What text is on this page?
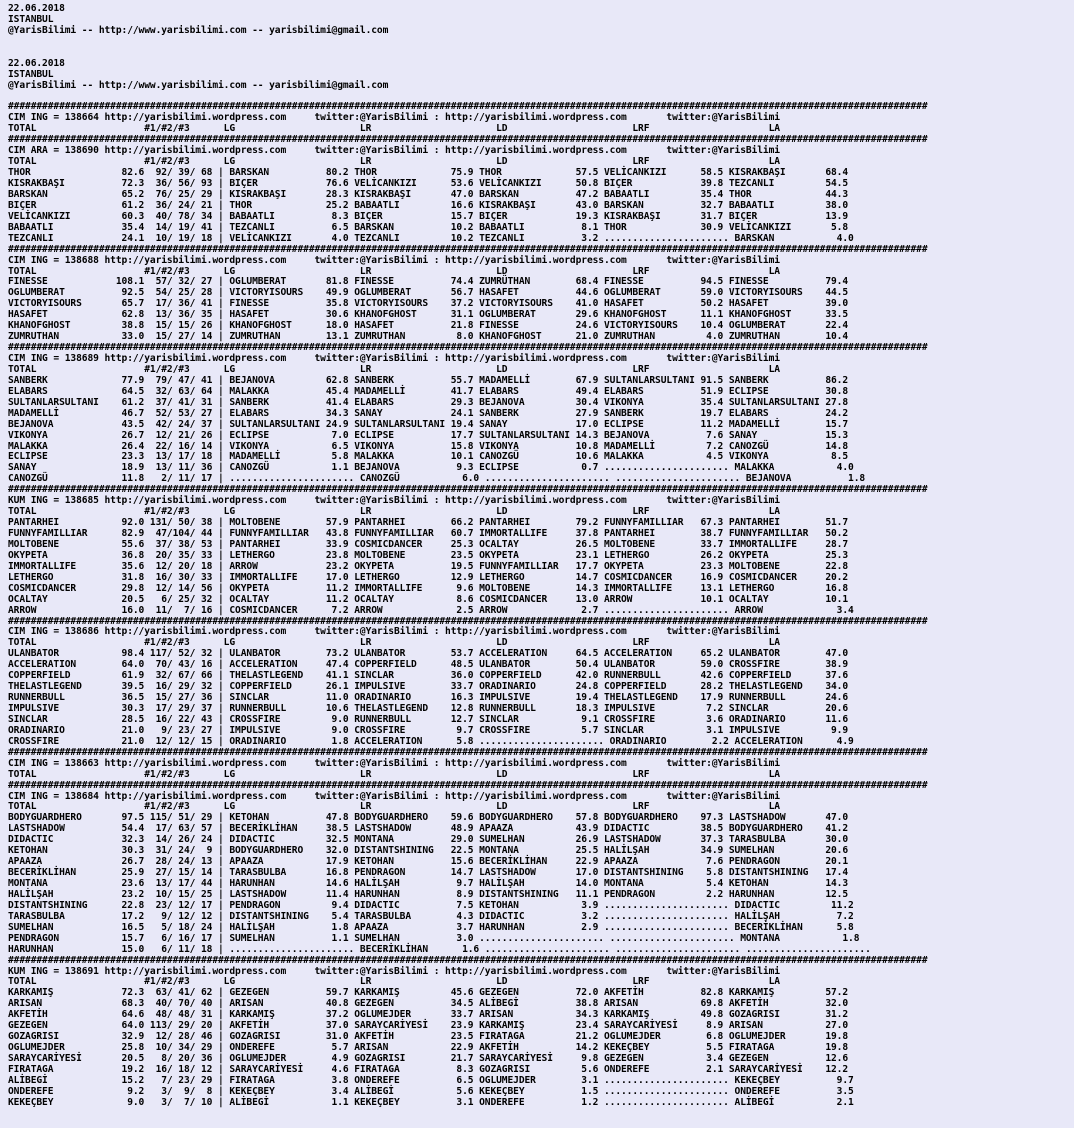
22.06.2018
ISTANBUL
@YarisBilimi -- http://www.yarisbilimi.com -- yarisbilimi@gmail.com
22.06.2018
ISTANBUL
@YarisBilimi -- http://www.yarisbilimi.com -- yarisbilimi@gmail.com
##################################################################################################################################################################
CIM ING = 138664 http://yarisbilimi.wordpress.com     twitter:@YarisBilimi : http://yarisbilimi.wordpress.com       twitter:@YarisBilimi
TOTAL                   #1/#2/#3      LG                      LR                      LD                      LRF                     LA
##################################################################################################################################################################
CIM ARA = 138690 http://yarisbilimi.wordpress.com     twitter:@YarisBilimi : http://yarisbilimi.wordpress.com       twitter:@YarisBilimi
TOTAL                   #1/#2/#3      LG                      LR                      LD                      LRF                     LA
THOR                82.6  92/ 39/ 68 | BARSKAN          80.2 THOR             75.9 THOR             57.5 VELİCANKIZI      58.5 KISRAKBAŞI       68.4
KISRAKBAŞI          72.3  36/ 56/ 93 | BIÇER            76.6 VELİCANKIZI      53.6 VELİCANKIZI      50.8 BIÇER            39.8 TEZCANLI         54.5
BARSKAN             65.2  76/ 25/ 29 | KISRAKBAŞI       28.3 KISRAKBAŞI       47.0 BARSKAN          47.2 BABAATLI         35.4 THOR             44.3
BIÇER               61.2  36/ 24/ 21 | THOR             25.2 BABAATLI         16.6 KISRAKBAŞI       43.0 BARSKAN          32.7 BABAATLI         38.0
VELİCANKIZI         60.3  40/ 78/ 34 | BABAATLI          8.3 BIÇER            15.7 BIÇER            19.3 KISRAKBAŞI       31.7 BIÇER            13.9
BABAATLI            35.4  14/ 19/ 41 | TEZCANLI          6.5 BARSKAN          10.2 BABAATLI          8.1 THOR             30.9 VELİCANKIZI       5.8
TEZCANLI            24.1  10/ 19/ 18 | VELİCANKIZI       4.0 TEZCANLI         10.2 TEZCANLI          3.2 ...................... BARSKAN           4.0
##################################################################################################################################################################
CIM ING = 138688 http://yarisbilimi.wordpress.com     twitter:@YarisBilimi : http://yarisbilimi.wordpress.com       twitter:@YarisBilimi
TOTAL                   #1/#2/#3      LG                      LR                      LD                      LRF                     LA
FINESSE            108.1  57/ 32/ 27 | OGLUMBERAT       81.8 FINESSE          74.4 ZUMRÜTHAN        68.4 FINESSE          94.5 FINESSE          79.4
OGLUMBERAT          92.5  54/ 25/ 28 | VICTORYISOURS    49.9 OGLUMBERAT       56.7 HASAFET          44.6 OGLUMBERAT       59.0 VICTORYISOURS    44.5
VICTORYISOURS       65.7  17/ 36/ 41 | FINESSE          35.8 VICTORYISOURS    37.2 VICTORYISOURS    41.0 HASAFET          50.2 HASAFET          39.0
HASAFET             62.8  13/ 36/ 35 | HASAFET          30.6 KHANOFGHOST      31.1 OGLUMBERAT       29.6 KHANOFGHOST      11.1 KHANOFGHOST      33.5
KHANOFGHOST         38.8  15/ 15/ 26 | KHANOFGHOST      18.0 HASAFET          21.8 FINESSE          24.6 VICTORYISOURS    10.4 OGLUMBERAT       22.4
ZUMRUTHAN           33.0  15/ 27/ 14 | ZUMRUTHAN        13.1 ZUMRUTHAN         8.0 KHANOFGHOST      21.0 ZUMRUTHAN         4.0 ZUMRUTHAN        10.4
##################################################################################################################################################################
CIM ING = 138689 http://yarisbilimi.wordpress.com     twitter:@YarisBilimi : http://yarisbilimi.wordpress.com       twitter:@YarisBilimi
TOTAL                   #1/#2/#3      LG                      LR                      LD                      LRF                     LA
SANBERK             77.9  79/ 47/ 41 | BEJANOVA         62.8 SANBERK          55.7 MADAMELLİ        67.9 SULTANLARSULTANI 91.5 SANBERK          86.2
ELABARS             64.5  32/ 63/ 64 | MALAKKA          45.4 MADAMELLİ        41.7 ELABARS          49.4 ELABARS          51.9 ECLIPSE          30.8
SULTANLARSULTANI    61.2  37/ 41/ 31 | SANBERK          41.4 ELABARS          29.3 BEJANOVA         30.4 VIKONYA          35.4 SULTANLARSULTANI 27.8
MADAMELLİ           46.7  52/ 53/ 27 | ELABARS          34.3 SANAY            24.1 SANBERK          27.9 SANBERK          19.7 ELABARS          24.2
BEJANOVA            43.5  42/ 24/ 37 | SULTANLARSULTANI 24.9 SULTANLARSULTANI 19.4 SANAY            17.0 ECLIPSE          11.2 MADAMELLİ        15.7
VIKONYA             26.7  12/ 21/ 26 | ECLIPSE           7.0 ECLIPSE          17.7 SULTANLARSULTANI 14.3 BEJANOVA          7.6 SANAY            15.3
MALAKKA             26.4  22/ 16/ 14 | VIKONYA           6.5 VIKONYA          15.8 VIKONYA          10.8 MADAMELLİ         7.2 CANOZGÜ          14.8
ECLIPSE             23.3  13/ 17/ 18 | MADAMELLİ         5.8 MALAKKA          10.1 CANOZGÜ          10.6 MALAKKA           4.5 VIKONYA           8.5
SANAY               18.9  13/ 11/ 36 | CANOZGÜ           1.1 BEJANOVA          9.3 ECLIPSE           0.7 ...................... MALAKKA           4.0
CANOZGÜ             11.8   2/ 11/ 17 | ...................... CANOZGÜ           6.0 ...................... ...................... BEJANOVA          1.8
##################################################################################################################################################################
KUM ING = 138685 http://yarisbilimi.wordpress.com     twitter:@YarisBilimi : http://yarisbilimi.wordpress.com       twitter:@YarisBilimi
TOTAL                   #1/#2/#3      LG                      LR                      LD                      LRF                     LA
PANTARHEI           92.0 131/ 50/ 38 | MOLTOBENE        57.9 PANTARHEI        66.2 PANTARHEI        79.2 FUNNYFAMILLIAR   67.3 PANTARHEI        51.7
FUNNYFAMILLIAR      82.9  47/104/ 44 | FUNNYFAMILLIAR   43.8 FUNNYFAMILLIAR   60.7 IMMORTALLIFE     37.8 PANTARHEI        38.7 FUNNYFAMILLIAR   50.2
MOLTOBENE           55.6  37/ 38/ 53 | PANTARHEI        33.9 COSMICDANCER     25.3 OCALTAY          26.5 MOLTOBENE        33.7 IMMORTALLIFE     28.7
OKYPETA             36.8  20/ 35/ 33 | LETHERGO         23.8 MOLTOBENE        23.5 OKYPETA          23.1 LETHERGO         26.2 OKYPETA          25.3
IMMORTALLIFE        35.6  12/ 20/ 18 | ARROW            23.2 OKYPETA          19.5 FUNNYFAMILLIAR   17.7 OKYPETA          23.3 MOLTOBENE        22.8
LETHERGO            31.8  16/ 30/ 33 | IMMORTALLIFE     17.0 LETHERGO         12.9 LETHERGO         14.7 COSMICDANCER     16.9 COSMICDANCER     20.2
COSMICDANCER        29.8  12/ 14/ 56 | OKYPETA          11.2 IMMORTALLIFE      9.6 MOLTOBENE        14.3 IMMORTALLIFE     13.1 LETHERGO         16.8
OCALTAY             20.5   6/ 25/ 32 | OCALTAY          11.2 OCALTAY           8.6 COSMICDANCER     13.0 ARROW            10.1 OCALTAY          10.1
ARROW               16.0  11/  7/ 16 | COSMICDANCER      7.2 ARROW             2.5 ARROW             2.7 ...................... ARROW             3.4
##################################################################################################################################################################
CIM ING = 138686 http://yarisbilimi.wordpress.com     twitter:@YarisBilimi : http://yarisbilimi.wordpress.com       twitter:@YarisBilimi
TOTAL                   #1/#2/#3      LG                      LR                      LD                      LRF                     LA
ULANBATOR           98.4 117/ 52/ 32 | ULANBATOR        73.2 ULANBATOR        53.7 ACCELERATION     64.5 ACCELERATION     65.2 ULANBATOR        47.0
ACCELERATION        64.0  70/ 43/ 16 | ACCELERATION     47.4 COPPERFIELD      48.5 ULANBATOR        50.4 ULANBATOR        59.0 CROSSFIRE        38.9
COPPERFIELD         61.9  32/ 67/ 66 | THELASTLEGEND    41.1 SINCLAR          36.0 COPPERFIELD      42.0 RUNNERBULL       42.6 COPPERFIELD      37.6
THELASTLEGEND       39.5  16/ 29/ 32 | COPPERFIELD      26.1 IMPULSIVE        33.7 ORADINARIO       24.8 COPPERFIELD      28.2 THELASTLEGEND    34.0
RUNNERBULL          36.5  15/ 27/ 36 | SINCLAR          11.0 ORADINARIO       16.3 IMPULSIVE        19.4 THELASTLEGEND    17.9 RUNNERBULL       24.6
IMPULSIVE           30.3  17/ 29/ 37 | RUNNERBULL       10.6 THELASTLEGEND    12.8 RUNNERBULL       18.3 IMPULSIVE         7.2 SINCLAR          20.6
SINCLAR             28.5  16/ 22/ 43 | CROSSFIRE         9.0 RUNNERBULL       12.7 SINCLAR           9.1 CROSSFIRE         3.6 ORADINARIO       11.6
ORADINARIO          21.0   9/ 23/ 27 | IMPULSIVE         9.0 CROSSFIRE         9.7 CROSSFIRE         5.7 SINCLAR           3.1 IMPULSIVE         9.9
CROSSFIRE           21.0  12/ 12/ 15 | ORADINARIO        1.8 ACCELERATION      5.8 ...................... ORADINARIO        2.2 ACCELERATION      4.9
##################################################################################################################################################################
CIM ING = 138663 http://yarisbilimi.wordpress.com     twitter:@YarisBilimi : http://yarisbilimi.wordpress.com       twitter:@YarisBilimi
TOTAL                   #1/#2/#3      LG                      LR                      LD                      LRF                     LA
##################################################################################################################################################################
CIM ING = 138684 http://yarisbilimi.wordpress.com     twitter:@YarisBilimi : http://yarisbilimi.wordpress.com       twitter:@YarisBilimi
TOTAL                   #1/#2/#3      LG                      LR                      LD                      LRF                     LA
BODYGUARDHERO       97.5 115/ 51/ 29 | KETOHAN          47.8 BODYGUARDHERO    59.6 BODYGUARDHERO    57.8 BODYGUARDHERO    97.3 LASTSHADOW       47.0
LASTSHADOW          54.4  17/ 63/ 57 | BECERİKLİHAN     38.5 LASTSHADOW       48.9 APAAZA           43.9 DIDACTIC         38.5 BODYGUARDHERO    41.2
DIDACTIC            32.3  14/ 26/ 24 | DIDACTIC         32.5 MONTANA          29.0 SUMELHAN         26.9 LASTSHADOW       37.3 TARASBULBA       30.0
KETOHAN             30.3  31/ 24/  9 | BODYGUARDHERO    32.0 DISTANTSHINING   22.5 MONTANA          25.5 HALİLŞAH         34.9 SUMELHAN         20.6
APAAZA              26.7  28/ 24/ 13 | APAAZA           17.9 KETOHAN          15.6 BECERİKLİHAN     22.9 APAAZA            7.6 PENDRAGON        20.1
BECERİKLİHAN        25.9  27/ 15/ 14 | TARASBULBA       16.8 PENDRAGON        14.7 LASTSHADOW       17.0 DISTANTSHINING    5.8 DISTANTSHINING   17.4
MONTANA             23.6  13/ 17/ 44 | HARUNHAN         14.6 HALİLŞAH          9.7 HALİLŞAH         14.0 MONTANA           5.4 KETOHAN          14.3
HALİLŞAH            23.2  10/ 15/ 25 | LASTSHADOW       11.4 HARUNHAN          8.9 DISTANTSHINING   11.1 PENDRAGON         2.2 HARUNHAN         12.5
DISTANTSHINING      22.8  23/ 12/ 17 | PENDRAGON         9.4 DIDACTIC          7.5 KETOHAN           3.9 ...................... DIDACTIC         11.2
TARASBULBA          17.2   9/ 12/ 12 | DISTANTSHINING    5.4 TARASBULBA        4.3 DIDACTIC          3.2 ...................... HALİLŞAH          7.2
SUMELHAN            16.5   5/ 18/ 24 | HALİLŞAH          1.8 APAAZA            3.7 HARUNHAN          2.9 ...................... BECERİKLİHAN      5.8
PENDRAGON           15.7   6/ 16/ 17 | SUMELHAN          1.1 SUMELHAN          3.0 ...................... ...................... MONTANA           1.8
HARUNHAN            15.0   6/ 11/ 18 | ...................... BECERİKLİHAN      1.6 ...................... ...................... ......................
##################################################################################################################################################################
KUM ING = 138691 http://yarisbilimi.wordpress.com     twitter:@YarisBilimi : http://yarisbilimi.wordpress.com       twitter:@YarisBilimi
TOTAL                   #1/#2/#3      LG                      LR                      LD                      LRF                     LA
KARKAMIŞ            72.3  63/ 41/ 62 | GEZEGEN          59.7 KARKAMIŞ         45.6 GEZEGEN          72.0 AKFETİH          82.8 KARKAMIŞ         57.2
ARISAN              68.3  40/ 70/ 40 | ARISAN           40.8 GEZEGEN          34.5 ALİBEGİ          38.8 ARISAN           69.8 AKFETİH          32.0
AKFETİH             64.6  48/ 48/ 31 | KARKAMIŞ         37.2 OGLUMEJDER       33.7 ARISAN           34.3 KARKAMIŞ         49.8 GOZAGRISI        31.2
GEZEGEN             64.0 113/ 29/ 20 | AKFETİH          37.0 SARAYCARİYESİ    23.9 KARKAMIŞ         23.4 SARAYCARİYESİ     8.9 ARISAN           27.0
GOZAGRISI           32.9  12/ 28/ 46 | GOZAGRISI        31.0 AKFETİH          23.5 FIRATAGA         21.2 OGLUMEJDER        6.8 OGLUMEJDER       19.8
OGLUMEJDER          25.8  10/ 34/ 29 | ONDEREFE          5.7 ARISAN           22.9 AKFETİH          14.2 KEKEÇBEY          5.5 FIRATAGA         19.8
SARAYCARİYESİ       20.5   8/ 20/ 36 | OGLUMEJDER        4.9 GOZAGRISI        21.7 SARAYCARİYESİ     9.8 GEZEGEN           3.4 GEZEGEN          12.6
FIRATAGA            19.2  16/ 18/ 12 | SARAYCARİYESİ     4.6 FIRATAGA          8.3 GOZAGRISI         5.6 ONDEREFE          2.1 SARAYCARİYESİ    12.2
ALİBEGİ             15.2   7/ 23/ 29 | FIRATAGA          3.8 ONDEREFE          6.5 OGLUMEJDER        3.1 ...................... KEKEÇBEY          9.7
ONDEREFE             9.2   3/  9/  8 | KEKEÇBEY          3.4 ALİBEGİ           5.6 KEKEÇBEY          1.5 ...................... ONDEREFE          3.5
KEKEÇBEY             9.0   3/  7/ 10 | ALİBEGİ           1.1 KEKEÇBEY          3.1 ONDEREFE          1.2 ...................... ALİBEGİ           2.1
